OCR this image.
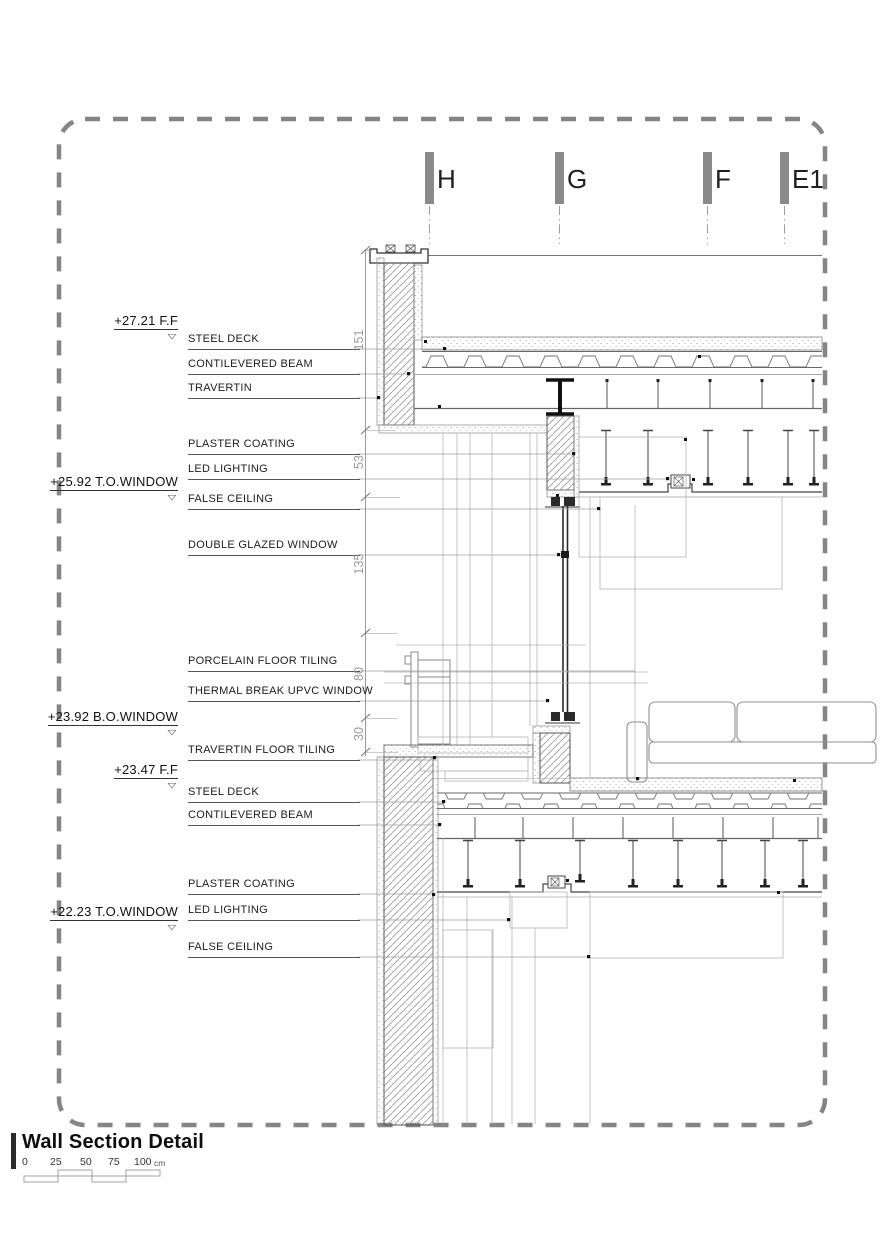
H	G	F E1
+27.21 F.F
▽
+25.92 T.O.WINDOW
▽
+23.92 B.O.WINDOW
▽
+23.47 F.F
▽
+22.23 T.O.WINDOW
▽
STEEL DECK
CONTILEVERED BEAM
TRAVERTIN
PLASTER COATING
LED LIGHTING
FALSE CEILING
DOUBLE GLAZED WINDOW
PORCELAIN FLOOR TILING
THERMAL BREAK UPVC WINDOW
TRAVERTIN FLOOR TILING
STEEL DECK
CONTILEVERED BEAM
PLASTER COATING
LED LIGHTING
FALSE CEILING
151
53
135
80
30
Wall Section Detail
0 25 50 75 100 cm
